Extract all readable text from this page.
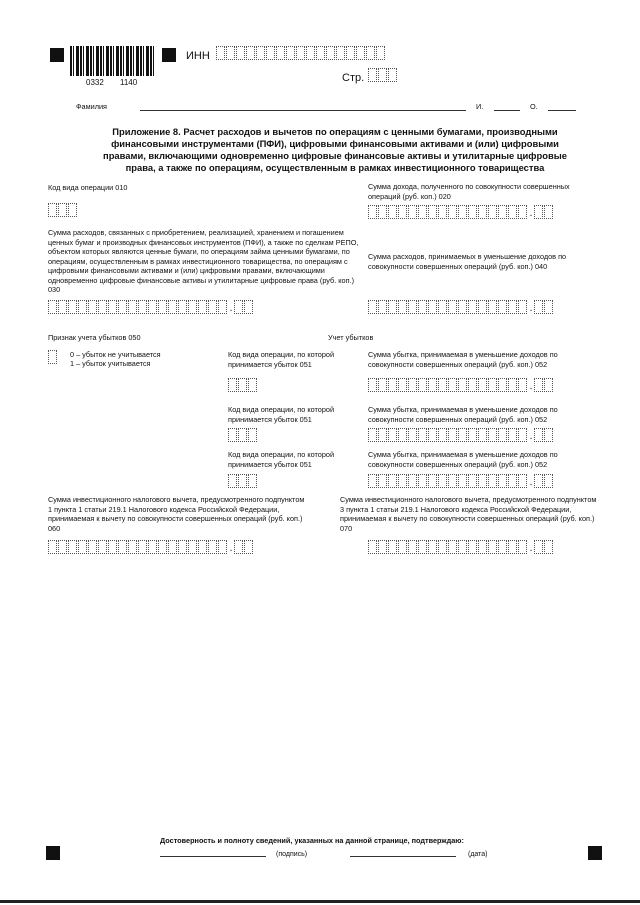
0332 1140
ИНН
Стр.
Фамилия	И.	О.
Приложение 8. Расчет расходов и вычетов по операциям с ценными бумагами, производными финансовыми инструментами (ПФИ), цифровыми финансовыми активами и (или) цифровыми правами, включающими одновременно цифровые финансовые активы и утилитарные цифровые права, а также по операциям, осуществленным в рамках инвестиционного товарищества
Код вида операции 010	Сумма дохода, полученного по совокупности совершенных операций (руб. коп.) 020
.
Сумма расходов, связанных с приобретением, реализацией, хранением и погашением ценных бумаг и производных финансовых инструментов (ПФИ), а также по сделкам РЕПО, объектом которых являются ценные бумаги, по операциям займа ценными бумагами, по операциям, осуществленным в рамках инвестиционного товарищества, по операциям с цифровыми финансовыми активами и (или) цифровыми правами, включающими одновременно цифровые финансовые активы и утилитарные цифровые права (руб. коп.) 030
.
Сумма расходов, принимаемых в уменьшение доходов по совокупности совершенных операций (руб. коп.) 040
.
Признак учета убытков 050	Учет убытков
0 – убыток не учитывается
1 – убыток учитывается
Код вида операции, по которой принимается убыток 051
Сумма убытка, принимаемая в уменьшение доходов по совокупности совершенных операций (руб. коп.) 052
.
Код вида операции, по которой принимается убыток 051
Сумма убытка, принимаемая в уменьшение доходов по совокупности совершенных операций (руб. коп.) 052
.
Код вида операции, по которой принимается убыток 051
Сумма убытка, принимаемая в уменьшение доходов по совокупности совершенных операций (руб. коп.) 052
.
Сумма инвестиционного налогового вычета, предусмотренного подпунктом 1 пункта 1 статьи 219.1 Налогового кодекса Российской Федерации, принимаемая к вычету по совокупности совершенных операций (руб. коп.) 060
.
Сумма инвестиционного налогового вычета, предусмотренного подпунктом 3 пункта 1 статьи 219.1 Налогового кодекса Российской Федерации, принимаемая к вычету по совокупности совершенных операций (руб. коп.) 070
.
Достоверность и полноту сведений, указанных на данной странице, подтверждаю:
(подпись)	(дата)
